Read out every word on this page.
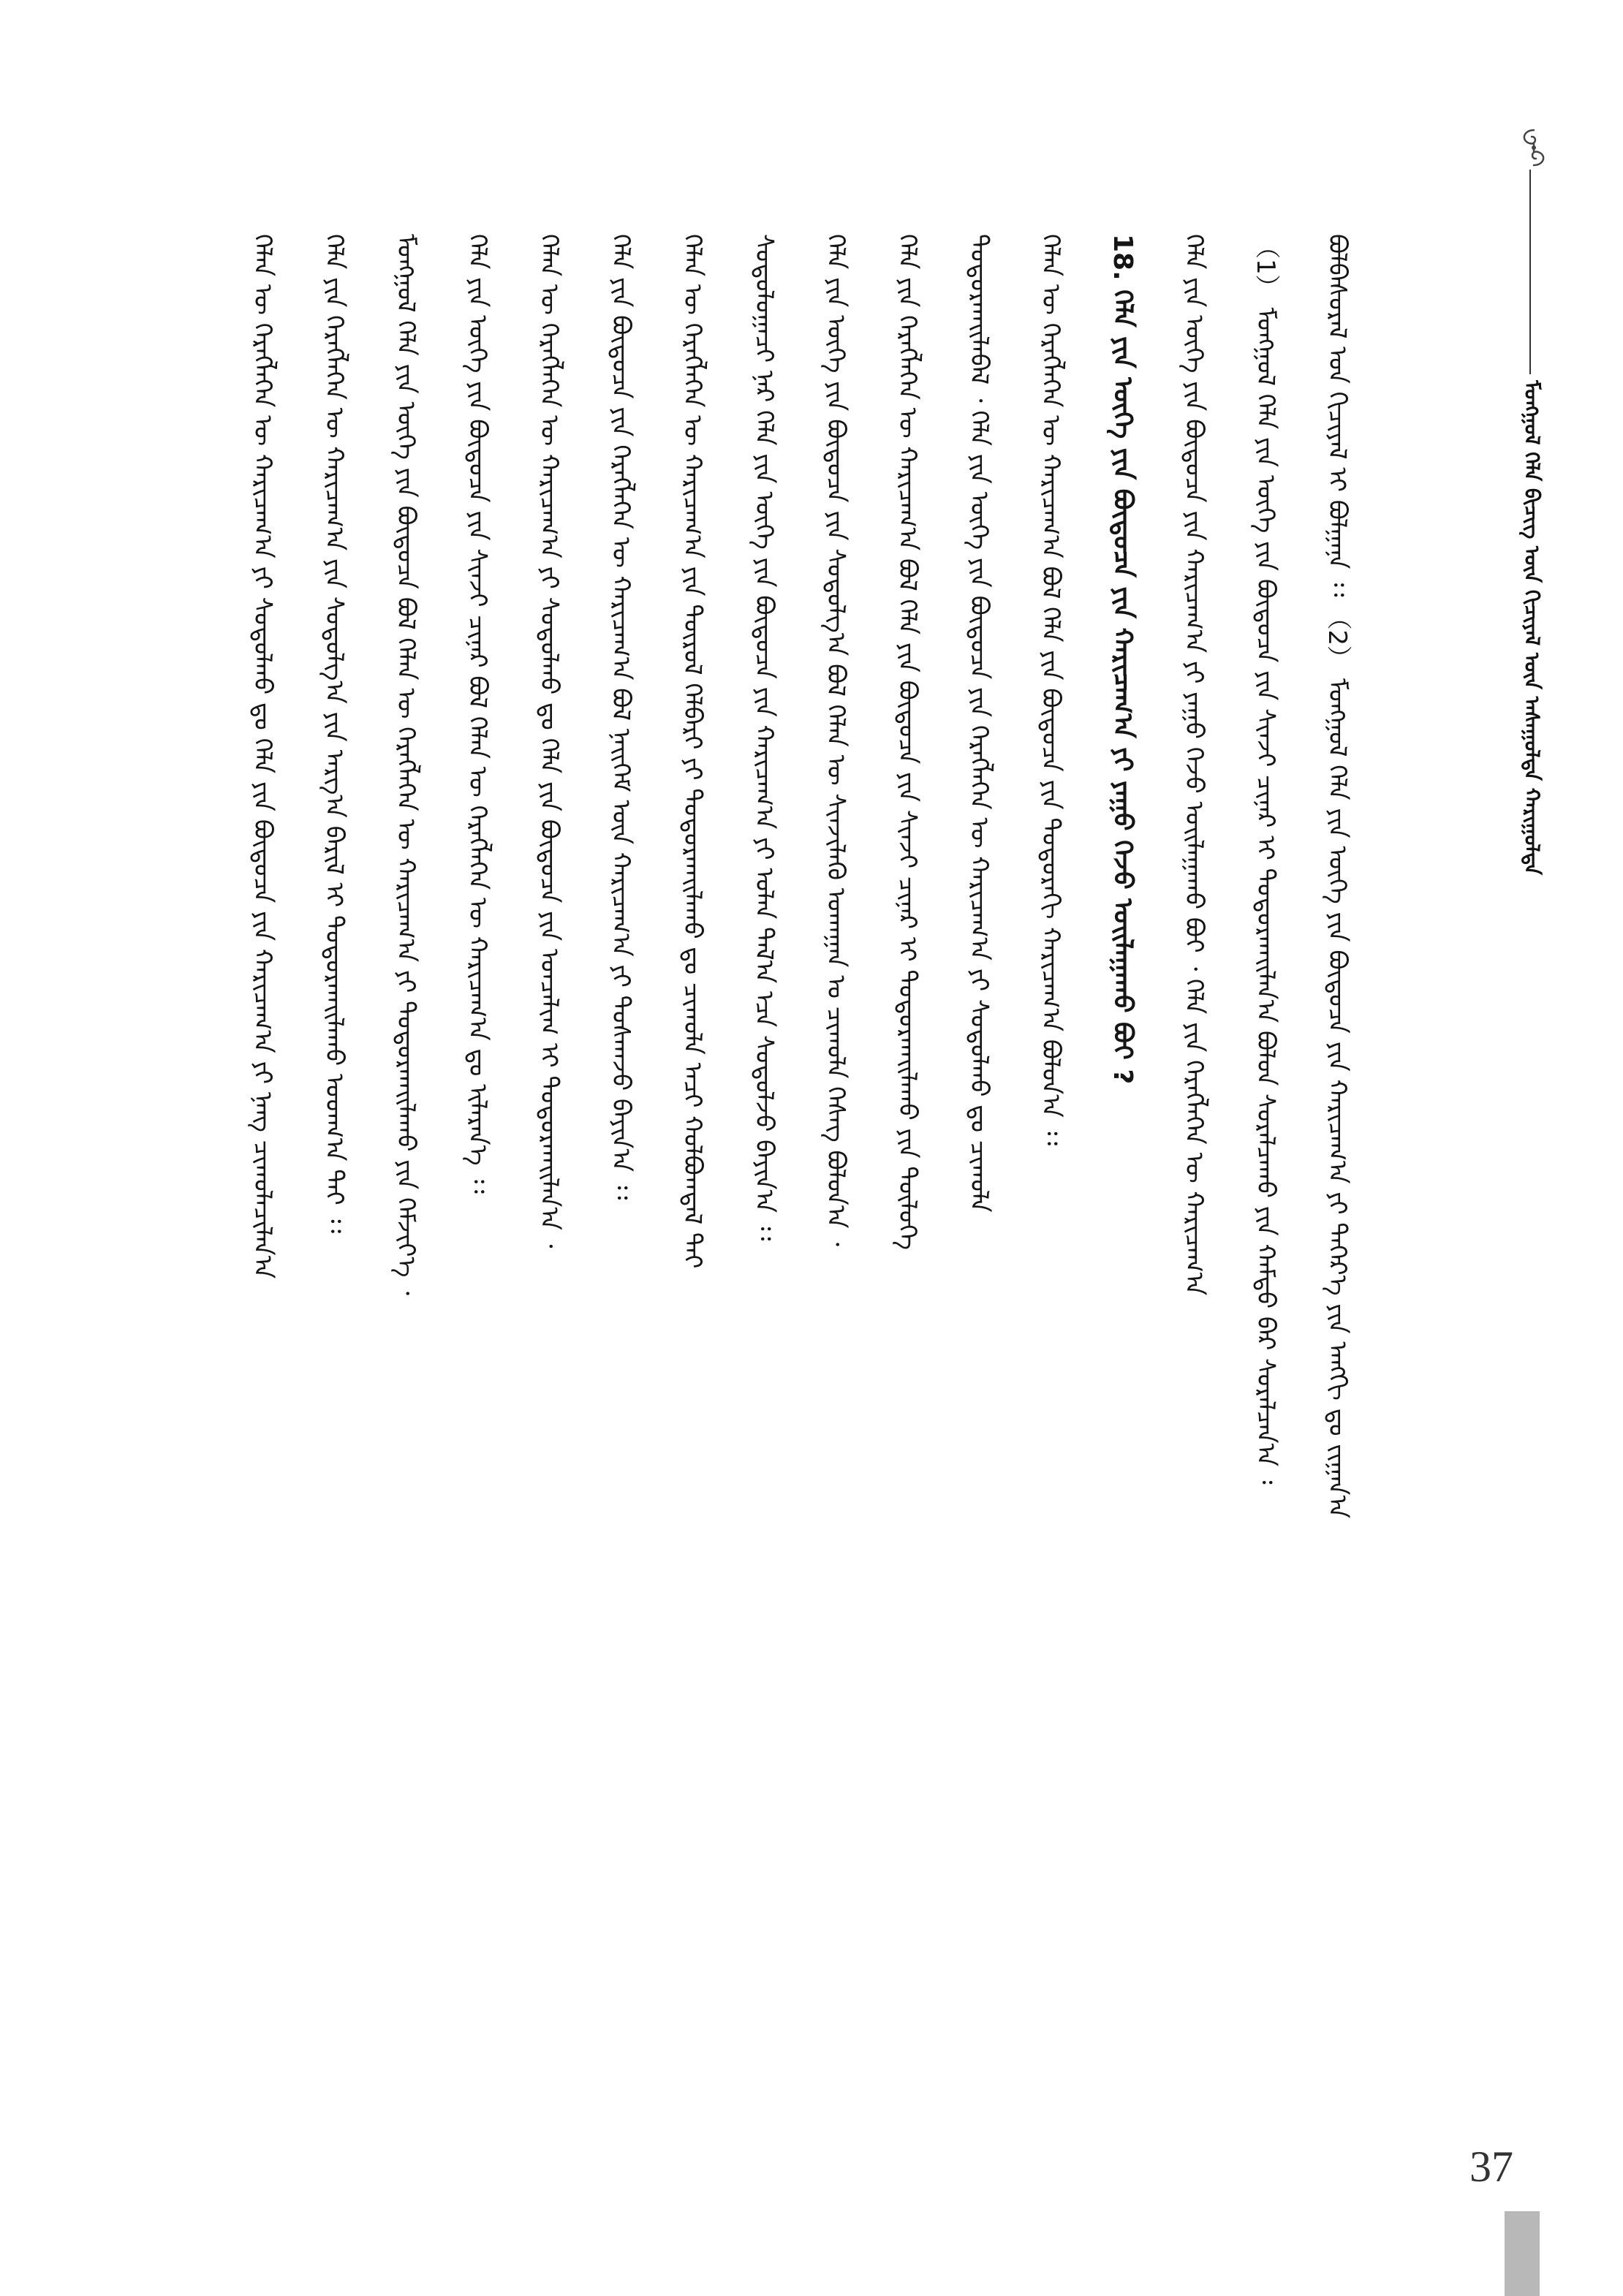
ᠮᠣᠩᠭᠣᠯ ᠬᠡᠯᠡ ᠪᠢᠴᠢᠭ ᠦᠨ ᠬᠢᠴᠢᠶᠡᠯ ᠦᠨ ᠠᠰᠠᠭᠤᠯᠲᠠ ᠬᠠᠷᠢᠭᠤᠯᠲᠠ
ᠪᠣᠯᠪᠠᠰᠤᠷᠠᠯ ᠤᠨ ᠬᠢᠴᠢᠶᠡᠯ ᠢ ᠪᠣᠯᠭᠠᠨᠠ ᠄᠄ （2） ᠮᠣᠩᠭᠣᠯ ᠬᠡᠯᠡ ᠶᠢᠨ ᠦᠭᠡ ᠶᠢᠨ ᠪᠦᠲᠦᠴᠡ ᠶᠢᠨ ᠬᠠᠷᠢᠴᠠᠭ᠎ᠠ ᠶᠢ ᠳᠡᠭᠡᠷ᠎ᠡ ᠶᠢᠨ ᠠᠩᠭᠢ ᠳᠤ ᠵᠢᠭᠠᠨ᠎ᠠ
（1） ᠮᠣᠩᠭᠣᠯ ᠬᠡᠯᠡ ᠶᠢᠨ ᠦᠭᠡ ᠶᠢᠨ ᠪᠦᠲᠦᠴᠡ ᠶᠢᠨ ᠰᠢᠨᠵᠢ ᠴᠢᠨᠠᠷ ᠢ ᠲᠣᠳᠣᠷᠬᠠᠢᠯᠠᠨ᠎ᠠ ᠪᠣᠯᠤᠨ ᠰᠤᠷᠠᠯᠴᠠᠬᠤ ᠶᠢᠨ ᠬᠠᠮᠲᠤ ᠪᠡᠷ ᠰᠤᠷᠠᠯᠴᠠᠨ᠎ᠠ ᠄
ᠬᠡᠯᠡ ᠶᠢᠨ ᠦᠭᠡ ᠶᠢᠨ ᠪᠦᠲᠦᠴᠡ ᠶᠢᠨ ᠬᠠᠷᠢᠴᠠᠭ᠎ᠠ ᠶᠢ ᠶᠠᠭᠤ ᠭᠡᠵᠦ ᠣᠢᠯᠠᠭᠠᠬᠤ ᠪᠣᠢ ᠂ ᠬᠡᠯᠡ ᠶᠢᠨ ᠬᠡᠷᠡᠭᠯᠡᠭᠡᠨ ᠦ ᠬᠠᠷᠢᠴᠠᠭ᠎ᠠ
18. ᠬᠡᠯᠡ ᠶᠢᠨ ᠦᠭᠡ ᠶᠢᠨ ᠪᠦᠲᠦᠴᠡ ᠶᠢᠨ ᠬᠠᠷᠢᠴᠠᠭ᠎ᠠ ᠶᠢ ᠶᠠᠭᠤ ᠭᠡᠵᠦ ᠣᠢᠯᠠᠭᠠᠬᠤ ᠪᠣᠢ ?
ᠬᠡᠯᠡᠨ ᠦ ᠬᠡᠷᠡᠭᠯᠡᠭᠡᠨ ᠦ ᠬᠠᠷᠢᠴᠠᠭ᠎ᠠ ᠪᠣᠯ ᠬᠡᠯᠡ ᠶᠢᠨ ᠪᠦᠲᠦᠴᠡ ᠶᠢᠨ ᠳᠣᠲᠣᠷᠠᠬᠢ ᠬᠠᠷᠢᠴᠠᠭ᠎ᠠ ᠪᠣᠯᠤᠨ᠎ᠠ ᠄᠄
ᠲᠣᠳᠣᠷᠬᠠᠢᠯᠠᠪᠠᠯ ᠂ ᠬᠡᠯᠡ ᠶᠢᠨ ᠦᠭᠡ ᠶᠢᠨ ᠪᠦᠲᠦᠴᠡ ᠶᠢᠨ ᠬᠡᠷᠡᠭᠯᠡᠭᠡᠨ ᠦ ᠬᠠᠷᠢᠴᠠᠭ᠎ᠠ ᠶᠢ ᠰᠤᠳᠤᠯᠬᠤ ᠳᠤ ᠴᠢᠬᠤᠯᠠ
ᠬᠡᠯᠡ ᠶᠢᠨ ᠬᠡᠷᠡᠭᠯᠡᠭᠡᠨ ᠦ ᠬᠠᠷᠢᠴᠠᠭ᠎ᠠ ᠪᠣᠯ ᠬᠡᠯᠡ ᠶᠢᠨ ᠪᠦᠲᠦᠴᠡ ᠶᠢᠨ ᠰᠢᠨᠵᠢ ᠴᠢᠨᠠᠷ ᠢ ᠲᠣᠳᠣᠷᠬᠠᠢᠯᠠᠬᠤ ᠶᠢᠨ ᠲᠥᠯᠥᠭᠡ
ᠬᠡᠯᠡ ᠶᠢᠨ ᠦᠭᠡ ᠶᠢᠨ ᠪᠦᠲᠦᠴᠡ ᠶᠢᠨ ᠰᠤᠳᠤᠯᠭ᠎ᠠ ᠪᠣᠯ ᠬᠡᠯᠡᠨ ᠦ ᠰᠢᠨᠵᠢᠯᠡᠬᠦ ᠤᠬᠠᠭᠠᠨ ᠤ ᠴᠢᠬᠤᠯᠠ ᠬᠡᠰᠡᠭ ᠪᠣᠯᠤᠨ᠎ᠠ ᠂
ᠰᠤᠳᠤᠯᠤᠭᠠᠴᠢ ᠨᠠᠷ ᠬᠡᠯᠡ ᠶᠢᠨ ᠦᠭᠡ ᠶᠢᠨ ᠪᠦᠲᠦᠴᠡ ᠶᠢᠨ ᠬᠠᠷᠢᠴᠠᠭ᠎ᠠ ᠶᠢ ᠣᠯᠠᠨ ᠲᠠᠯ᠎ᠠ ᠡᠴᠡ ᠰᠤᠳᠤᠯᠵᠤ ᠪᠠᠶᠢᠨ᠎ᠠ ᠄᠄
ᠬᠡᠯᠡᠨ ᠦ ᠬᠡᠷᠡᠭᠯᠡᠭᠡᠨ ᠦ ᠬᠠᠷᠢᠴᠠᠭ᠎ᠠ ᠶᠢᠨ ᠲᠥᠷᠥᠯ ᠬᠡᠯᠪᠡᠷᠢ ᠶᠢ ᠲᠣᠳᠣᠷᠬᠠᠢᠯᠠᠬᠤ ᠳᠤ ᠴᠢᠬᠤᠯᠠ ᠠᠴᠢ ᠬᠣᠯᠪᠣᠭᠳᠠᠯ ᠲᠠᠢ
ᠬᠡᠯᠡ ᠶᠢᠨ ᠪᠦᠲᠦᠴᠡ ᠶᠢᠨ ᠬᠡᠷᠡᠭᠯᠡᠭᠡᠨ ᠦ ᠬᠠᠷᠢᠴᠠᠭ᠎ᠠ ᠪᠣᠯ ᠨᠡᠢᠭᠡᠮ ᠦᠨ ᠬᠠᠷᠢᠴᠠᠭ᠎ᠠ ᠶᠢ ᠲᠤᠰᠬᠠᠵᠤ ᠪᠠᠶᠢᠨ᠎ᠠ ᠄᠄
ᠬᠡᠯᠡᠨ ᠦ ᠬᠡᠷᠡᠭᠯᠡᠭᠡᠨ ᠦ ᠬᠠᠷᠢᠴᠠᠭ᠎ᠠ ᠶᠢ ᠰᠤᠳᠤᠯᠬᠤ ᠳᠤ ᠬᠡᠯᠡ ᠶᠢᠨ ᠪᠦᠲᠦᠴᠡ ᠶᠢᠨ ᠣᠨᠴᠠᠯᠢᠭ ᠢ ᠲᠣᠳᠣᠷᠬᠠᠢᠯᠠᠨ᠎ᠠ ᠂
ᠬᠡᠯᠡ ᠶᠢᠨ ᠦᠭᠡ ᠶᠢᠨ ᠪᠦᠲᠦᠴᠡ ᠶᠢᠨ ᠰᠢᠨᠵᠢ ᠴᠢᠨᠠᠷ ᠪᠣᠯ ᠬᠡᠯᠡᠨ ᠦ ᠬᠡᠷᠡᠭᠯᠡᠭᠡᠨ ᠦ ᠬᠠᠷᠢᠴᠠᠭ᠎ᠠ ᠳᠤ ᠢᠯᠡᠷᠡᠨ᠎ᠡ ᠄᠄
ᠮᠣᠩᠭᠣᠯ ᠬᠡᠯᠡ ᠶᠢᠨ ᠦᠭᠡ ᠶᠢᠨ ᠪᠦᠲᠦᠴᠡ ᠪᠣᠯ ᠬᠡᠯᠡᠨ ᠦ ᠬᠡᠷᠡᠭᠯᠡᠭᠡᠨ ᠦ ᠬᠠᠷᠢᠴᠠᠭ᠎ᠠ ᠶᠢ ᠲᠣᠳᠣᠷᠬᠠᠢᠯᠠᠬᠤ ᠶᠢᠨ ᠬᠡᠮᠵᠢᠶ᠎ᠡ ᠂
ᠬᠡᠯᠡ ᠶᠢᠨ ᠬᠡᠷᠡᠭᠯᠡᠭᠡᠨ ᠦ ᠬᠠᠷᠢᠴᠠᠭ᠎ᠠ ᠶᠢᠨ ᠰᠤᠳᠤᠯᠭ᠎ᠠ ᠶᠢᠨ ᠠᠷᠭ᠎ᠠ ᠪᠠᠷᠢᠯ ᠢ ᠲᠣᠳᠣᠷᠬᠠᠢᠯᠠᠬᠤ ᠤᠳᠬ᠎ᠠ ᠲᠠᠢ ᠄᠄
ᠬᠡᠯᠡᠨ ᠦ ᠬᠡᠷᠡᠭᠯᠡᠭᠡᠨ ᠦ ᠬᠠᠷᠢᠴᠠᠭ᠎ᠠ ᠶᠢ ᠰᠤᠳᠤᠯᠬᠤ ᠳᠤ ᠬᠡᠯᠡ ᠶᠢᠨ ᠪᠦᠲᠦᠴᠡ ᠶᠢᠨ ᠬᠠᠷᠢᠴᠠᠭ᠎ᠠ ᠶᠢ ᠨᠡᠩ ᠴᠢᠬᠤᠯᠠᠴᠢᠯᠠᠨ᠎ᠠ
37
